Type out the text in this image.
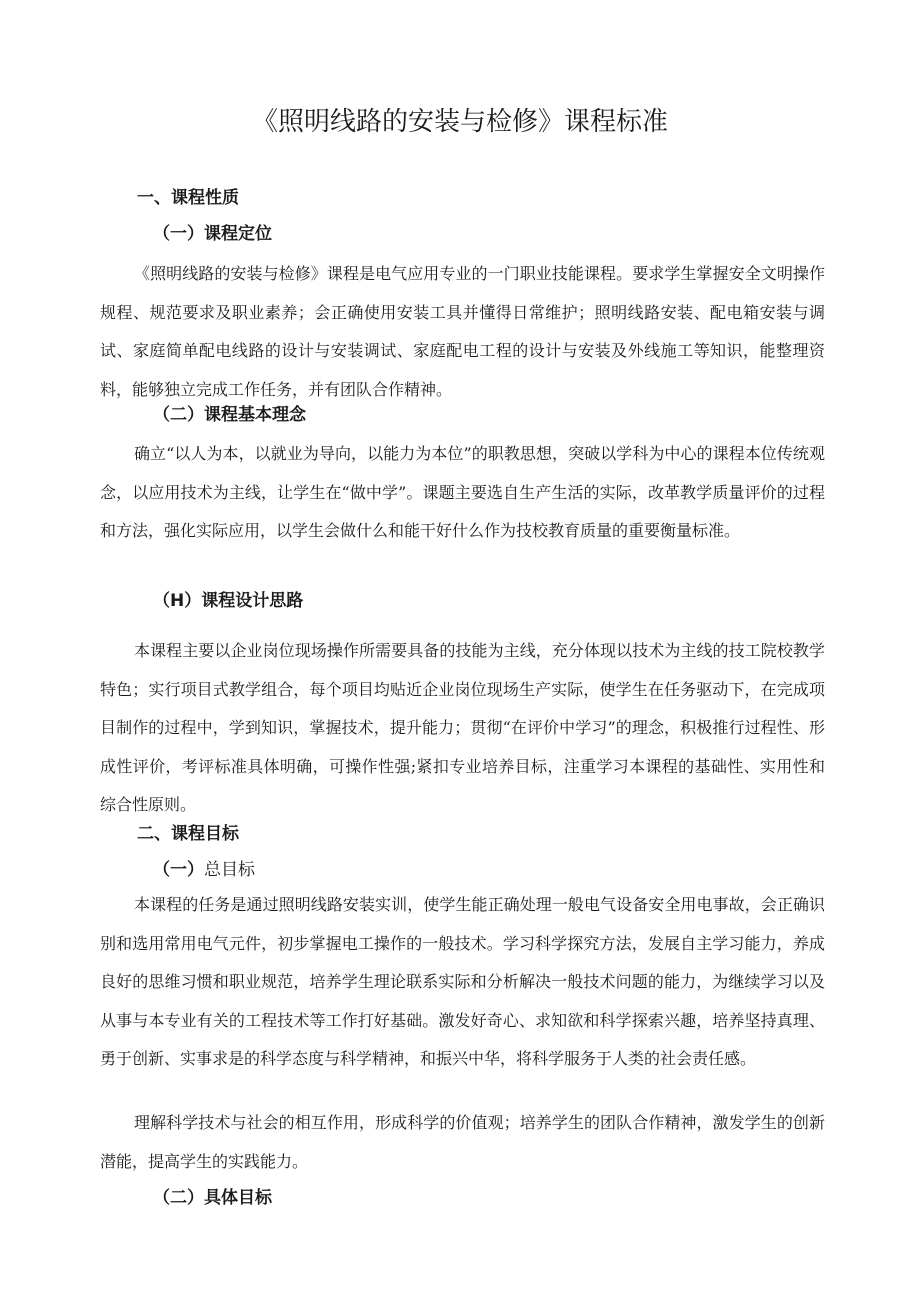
《照明线路的安装与检修》课程标准
一、课程性质
（一）课程定位

《照明线路的安装与检修》课程是电气应用专业的一门职业技能课程。要求学生掌握安全文明操作规程、规范要求及职业素养；会正确使用安装工具并懂得日常维护；照明线路安装、配电箱安装与调试、家庭简单配电线路的设计与安装调试、家庭配电工程的设计与安装及外线施工等知识，能整理资料，能够独立完成工作任务，并有团队合作精神。

（二）课程基本理念

确立“以人为本，以就业为导向，以能力为本位”的职教思想，突破以学科为中心的课程本位传统观念，以应用技术为主线，让学生在“做中学”。课题主要选自生产生活的实际，改革教学质量评价的过程和方法，强化实际应用，以学生会做什么和能干好什么作为技校教育质量的重要衡量标准。

（H）课程设计思路

本课程主要以企业岗位现场操作所需要具备的技能为主线，充分体现以技术为主线的技工院校教学特色；实行项目式教学组合，每个项目均贴近企业岗位现场生产实际，使学生在任务驱动下，在完成项目制作的过程中，学到知识，掌握技术，提升能力；贯彻“在评价中学习”的理念，积极推行过程性、形成性评价，考评标准具体明确，可操作性强;紧扣专业培养目标，注重学习本课程的基础性、实用性和综合性原则。

二、课程目标
（一）总目标

本课程的任务是通过照明线路安装实训，使学生能正确处理一般电气设备安全用电事故，会正确识别和选用常用电气元件，初步掌握电工操作的一般技术。学习科学探究方法，发展自主学习能力，养成良好的思维习惯和职业规范，培养学生理论联系实际和分析解决一般技术问题的能力，为继续学习以及从事与本专业有关的工程技术等工作打好基础。激发好奇心、求知欲和科学探索兴趣，培养坚持真理、勇于创新、实事求是的科学态度与科学精神，和振兴中华，将科学服务于人类的社会责任感。

理解科学技术与社会的相互作用，形成科学的价值观；培养学生的团队合作精神，激发学生的创新潜能，提高学生的实践能力。

（二）具体目标
